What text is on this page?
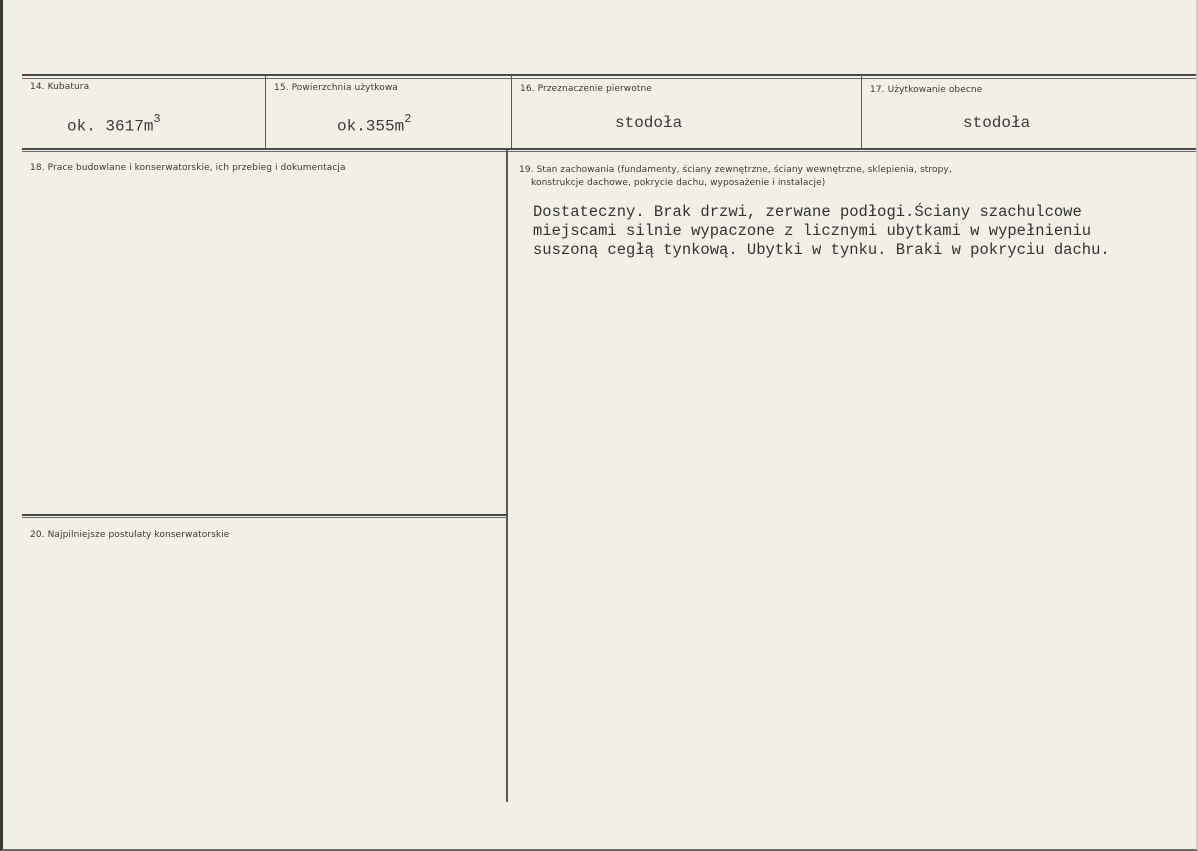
14. Kubatura
ok. $3617m^3$
15. Powierzchnia użytkowa
$ok.355m^2$
16. Przeznaczenie pierwotne
stodoła
17. Użytkowanie obecne
stodoła
18. Prace budowlane i konserwatorskie, ich przebieg i dokumentacja	19. Stan zachowania (fundamenty, ściany zewnętrzne, ściany wewnętrzne, sklepienia, stropy,
konstrukcje dachowe, pokrycie dachu, wyposażenie i instalacje)
Dostateczny. Brak drzwi, zerwane podłogi.Ściany szachulcowe
miejscami silnie wypaczone z licznymi ubytkami w wypełnieniu
suszoną cegłą tynkową. Ubytki w tynku. Braki w pokryciu dachu.
20. Najpilniejsze postulaty konserwatorskie
